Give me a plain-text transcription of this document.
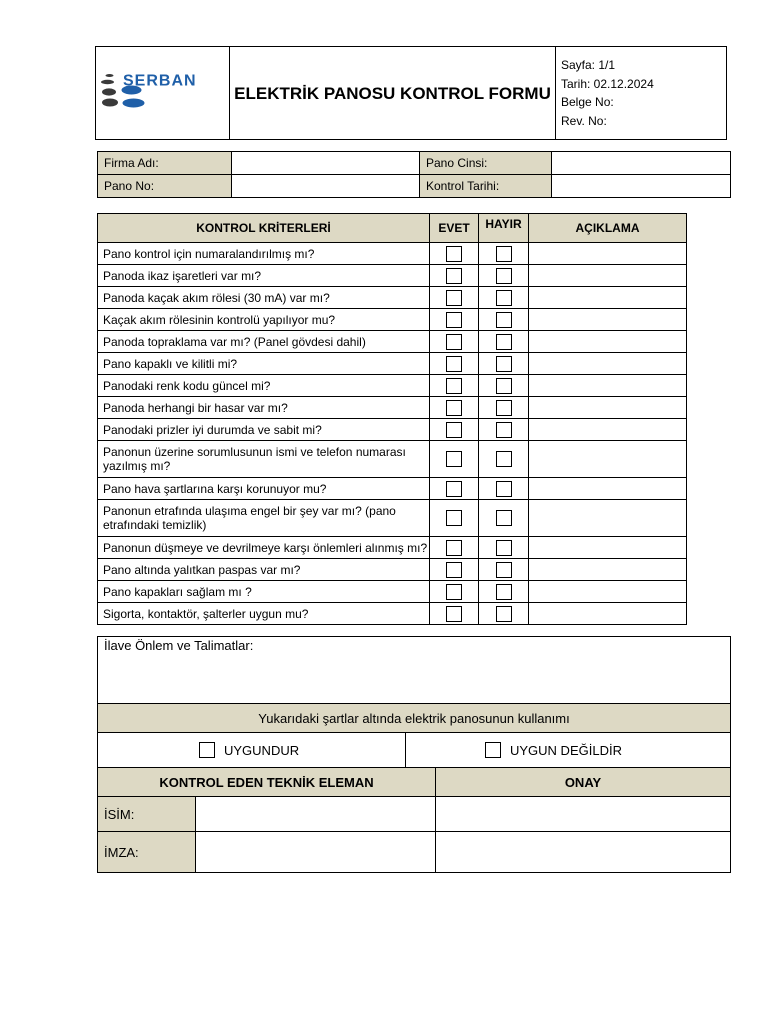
SERBAN
	ELEKTRİK PANOSU KONTROL FORMU	
Sayfa: 1/1
Tarih: 02.12.2024
Belge No:
Rev. No:
Firma Adı:		Pano Cinsi:	
Pano No:		Kontrol Tarihi:	
KONTROL KRİTERLERİ	EVET	HAYIR	AÇIKLAMA
Pano kontrol için numaralandırılmış mı?			
Panoda ikaz işaretleri var mı?			
Panoda kaçak akım rölesi (30 mA) var mı?			
Kaçak akım rölesinin kontrolü yapılıyor mu?			
Panoda topraklama var mı? (Panel gövdesi dahil)			
Pano kapaklı ve kilitli mi?			
Panodaki renk kodu güncel mi?			
Panoda herhangi bir hasar var mı?			
Panodaki prizler iyi durumda ve sabit mi?			
Panonun üzerine sorumlusunun ismi ve telefon numarası yazılmış mı?			
Pano hava şartlarına karşı korunuyor mu?			
Panonun etrafında ulaşıma engel bir şey var mı? (pano etrafındaki temizlik)			
Panonun düşmeye ve devrilmeye karşı önlemleri alınmış mı?			
Pano altında yalıtkan paspas var mı?			
Pano kapakları sağlam mı ?			
Sigorta, kontaktör, şalterler uygun mu?			
İlave Önlem ve Talimatlar:			
Yukarıdaki şartlar altında elektrik panosunun kullanımı			
UYGUNDUR		UYGUN DEĞİLDİR	
KONTROL EDEN TEKNİK ELEMAN			ONAY
İSİM:			
İMZA:			
